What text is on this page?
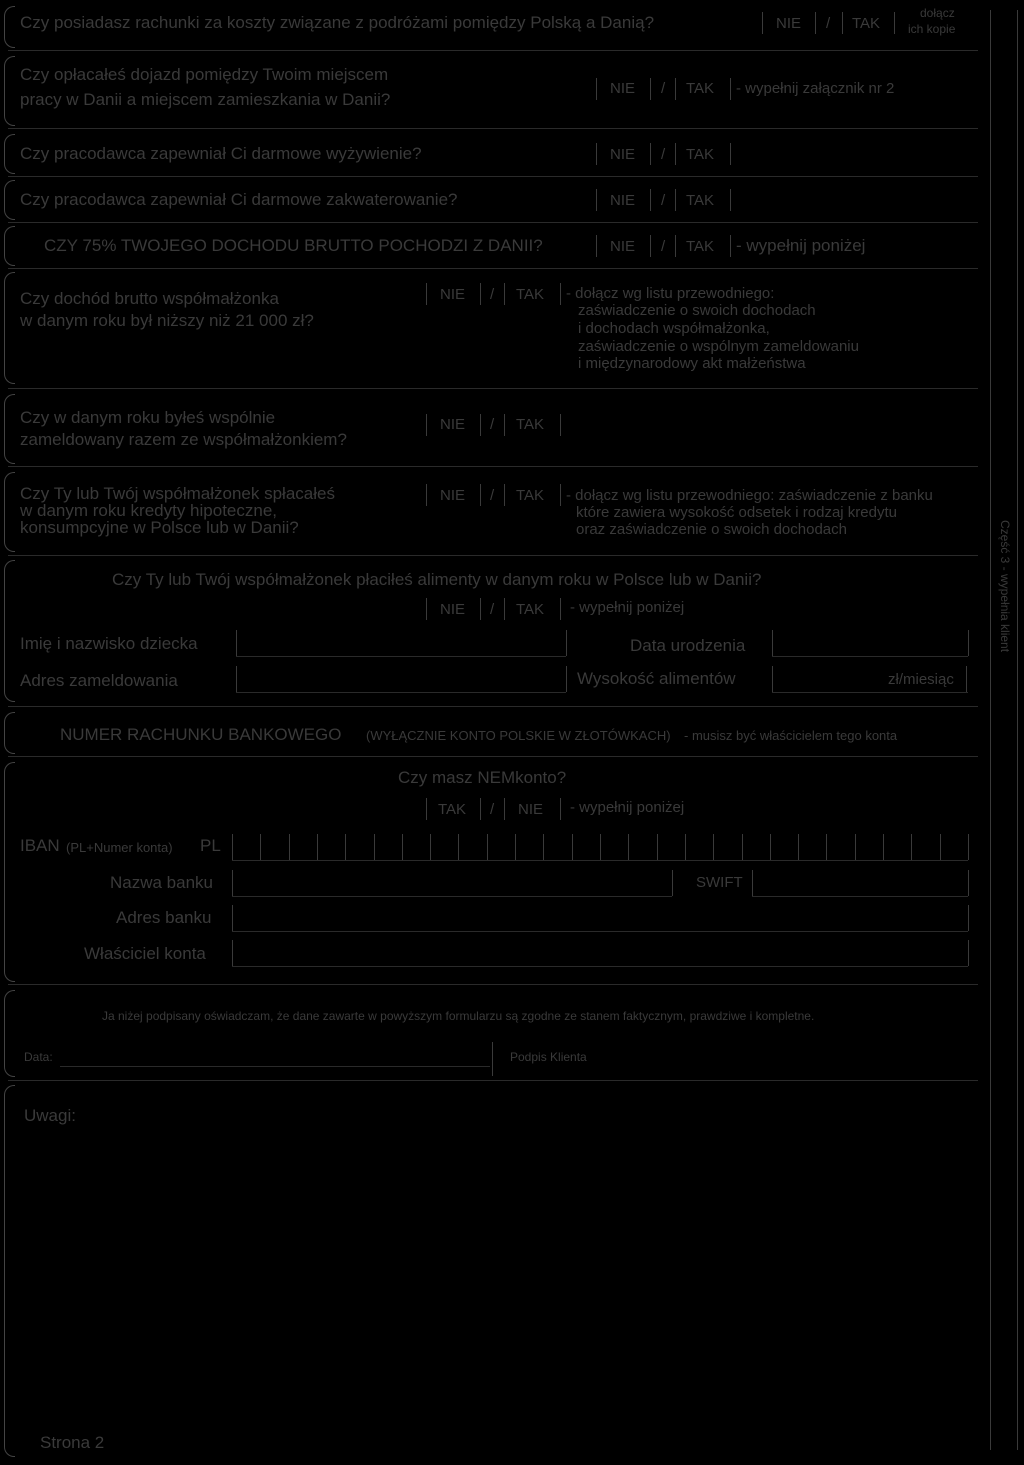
Część 3 - wypełnia klient
Czy posiadasz rachunki za koszty związane z podróżami pomiędzy Polską a Danią?	NIE / TAK
dołącz
ich kopie
Czy opłacałeś dojazd pomiędzy Twoim miejscem
pracy w Danii a miejscem zamieszkania w Danii?
NIE / TAK - wypełnij załącznik nr 2
Czy pracodawca zapewniał Ci darmowe wyżywienie?	NIE / TAK
Czy pracodawca zapewniał Ci darmowe zakwaterowanie?	NIE / TAK
CZY 75% TWOJEGO DOCHODU BRUTTO POCHODZI Z DANII?	NIE / TAK - wypełnij poniżej
Czy dochód brutto współmałżonka
w danym roku był niższy niż 21 000 zł?
NIE / TAK - dołącz wg listu przewodniego:
zaświadczenie o swoich dochodach
i dochodach współmałżonka,
zaświadczenie o wspólnym zameldowaniu
i międzynarodowy akt małżeństwa
Czy w danym roku byłeś wspólnie
zameldowany razem ze współmałżonkiem?
NIE / TAK
Czy Ty lub Twój współmałżonek spłacałeś
w danym roku kredyty hipoteczne,
konsumpcyjne w Polsce lub w Danii?
NIE / TAK - dołącz wg listu przewodniego: zaświadczenie z banku
które zawiera wysokość odsetek i rodzaj kredytu
oraz zaświadczenie o swoich dochodach
Czy Ty lub Twój współmałżonek płaciłeś alimenty w danym roku w Polsce lub w Danii?
NIE / TAK - wypełnij poniżej
Imię i nazwisko dziecka	Data urodzenia
Adres zameldowania	Wysokość alimentów	zł/miesiąc
NUMER RACHUNKU BANKOWEGO (WYŁĄCZNIE KONTO POLSKIE W ZŁOTÓWKACH) - musisz być właścicielem tego konta
Czy masz NEMkonto?
TAK / NIE - wypełnij poniżej
IBAN (PL+Numer konta) PL
Nazwa banku	SWIFT
Adres banku
Właściciel konta
Ja niżej podpisany oświadczam, że dane zawarte w powyższym formularzu są zgodne ze stanem faktycznym, prawdziwe i kompletne.
Data:	Podpis Klienta
Uwagi:
Strona 2
